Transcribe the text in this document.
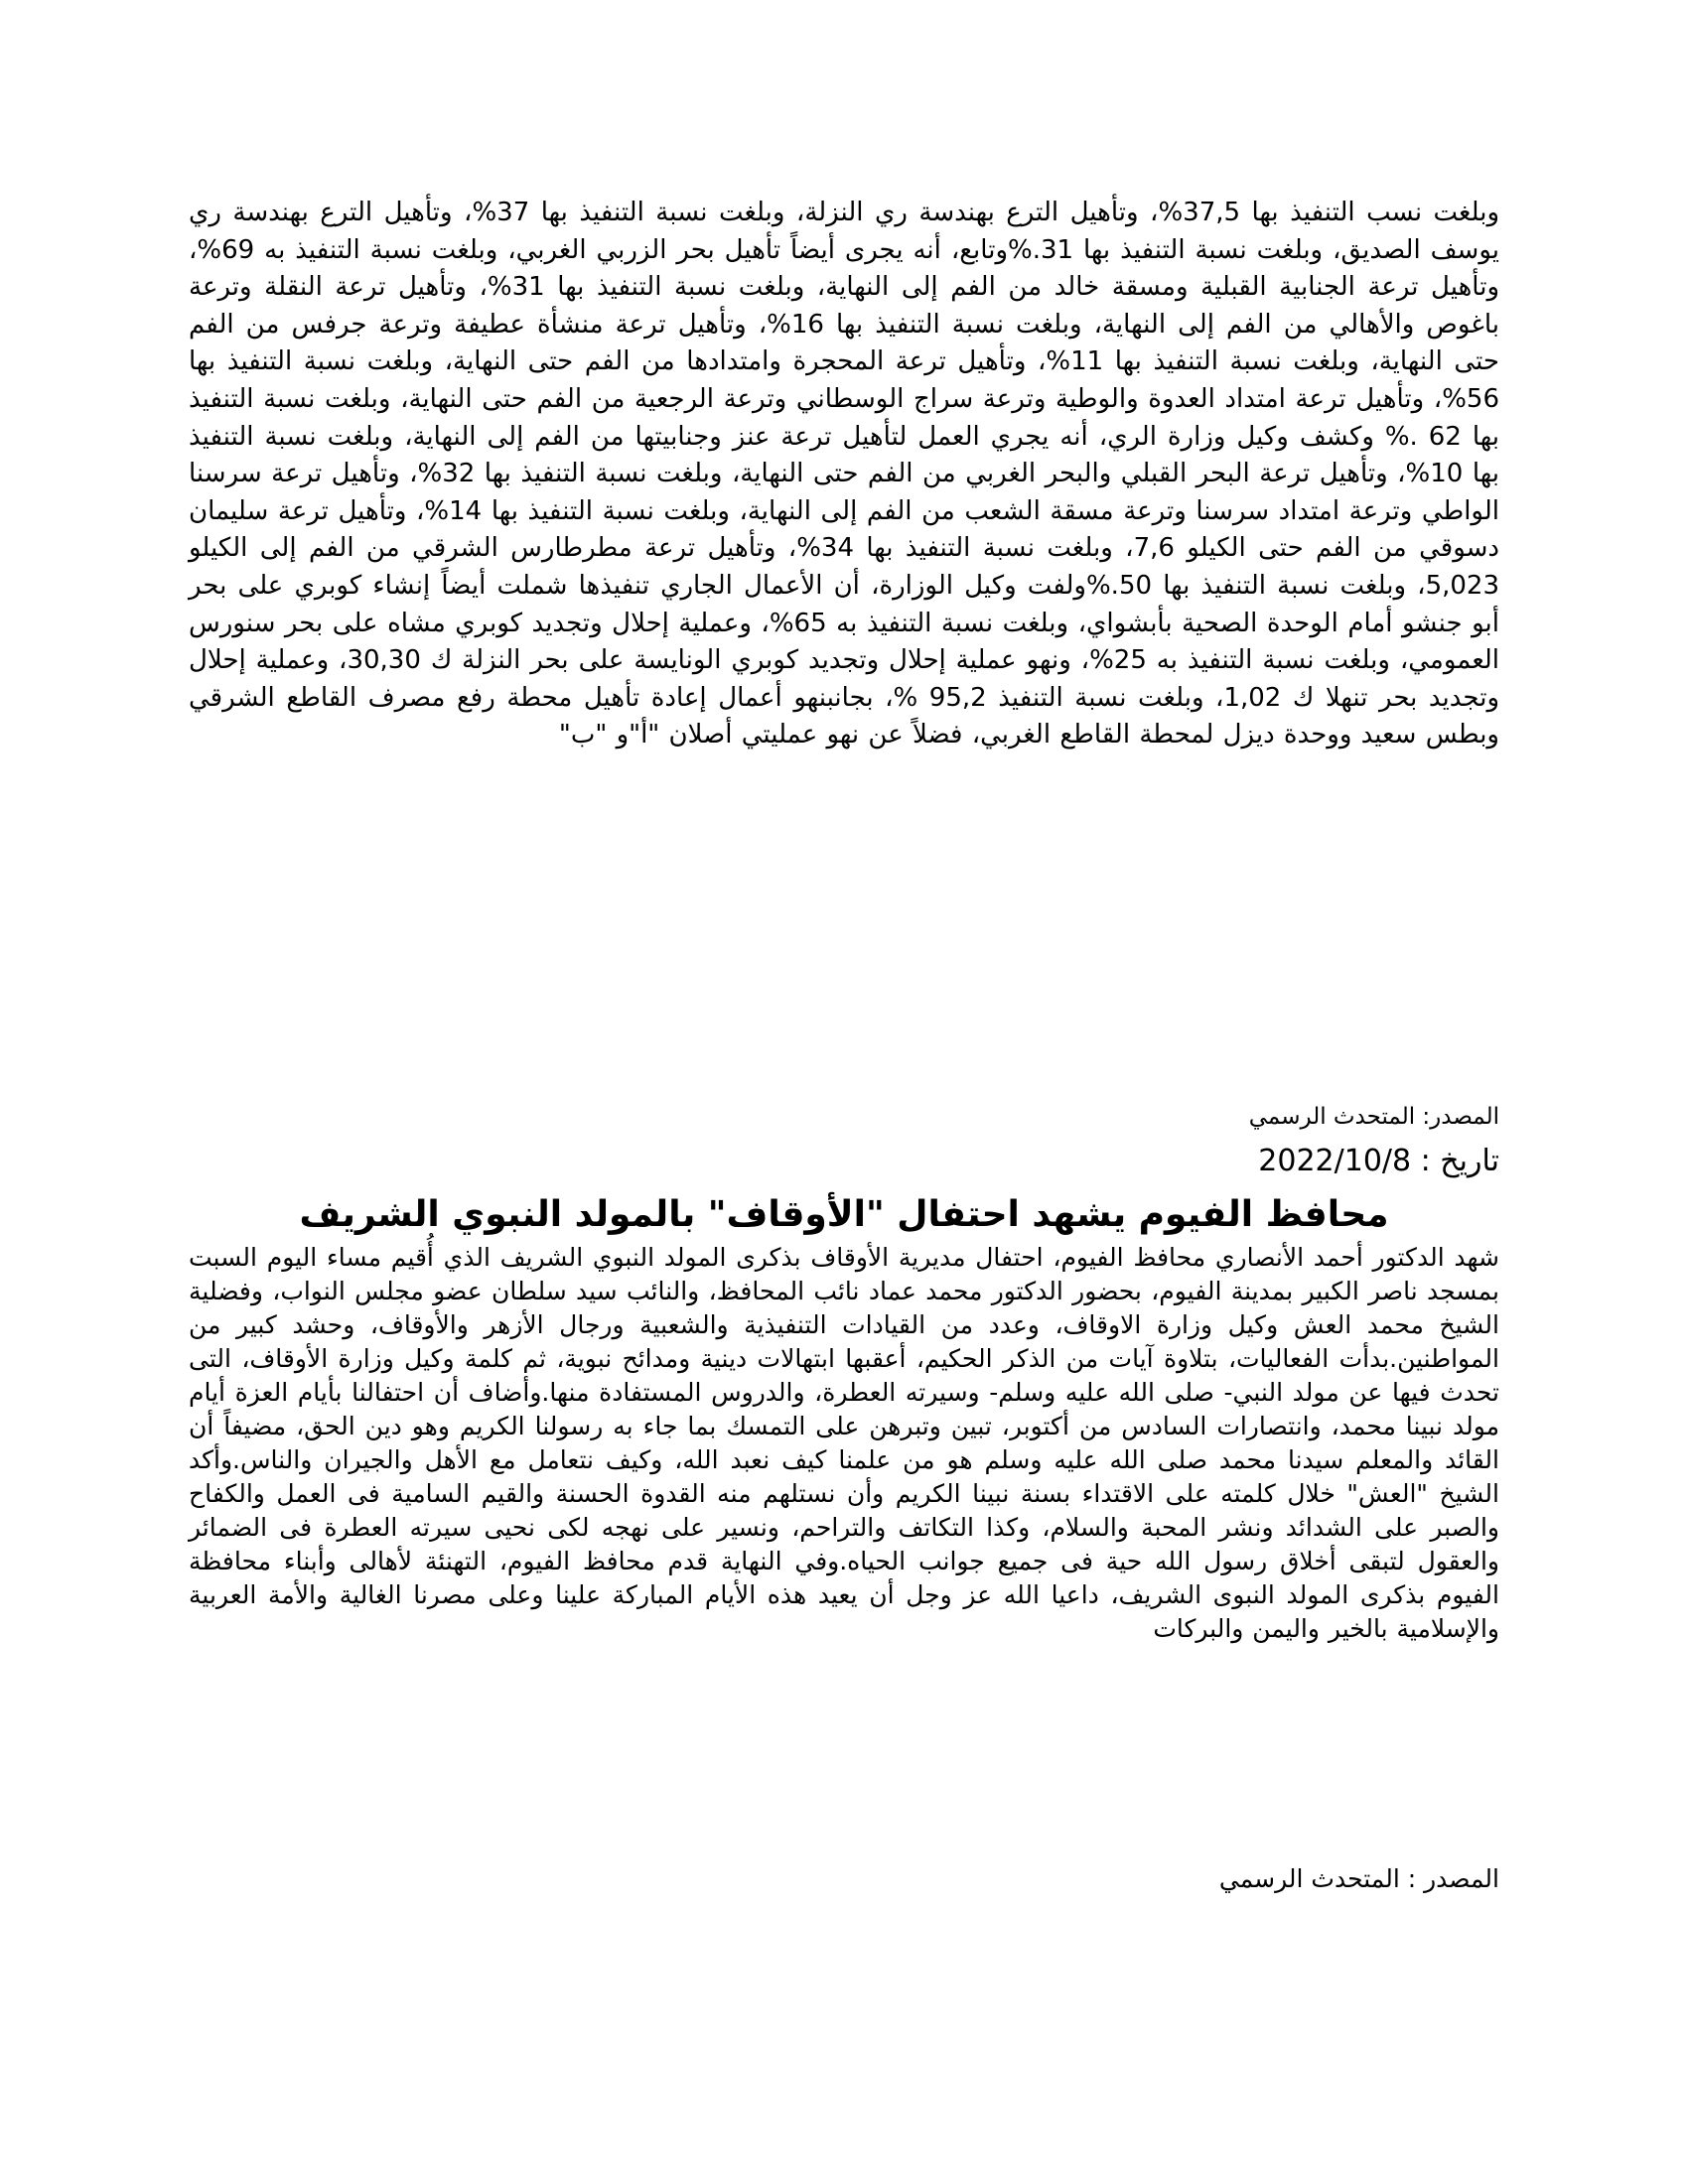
وبلغت نسب التنفيذ بها 37,5%، وتأهيل الترع بهندسة ري النزلة، وبلغت نسبة التنفيذ بها 37%، وتأهيل الترع بهندسة ري يوسف الصديق، وبلغت نسبة التنفيذ بها 31.%وتابع، أنه يجرى أيضاً تأهيل بحر الزربي الغربي، وبلغت نسبة التنفيذ به 69%، وتأهيل ترعة الجنابية القبلية ومسقة خالد من الفم إلى النهاية، وبلغت نسبة التنفيذ بها 31%، وتأهيل ترعة النقلة وترعة باغوص والأهالي من الفم إلى النهاية، وبلغت نسبة التنفيذ بها 16%، وتأهيل ترعة منشأة عطيفة وترعة جرفس من الفم حتى النهاية، وبلغت نسبة التنفيذ بها 11%، وتأهيل ترعة المحجرة وامتدادها من الفم حتى النهاية، وبلغت نسبة التنفيذ بها 56%، وتأهيل ترعة امتداد العدوة والوطية وترعة سراج الوسطاني وترعة الرجعية من الفم حتى النهاية، وبلغت نسبة التنفيذ بها 62 .% وكشف وكيل وزارة الري، أنه يجري العمل لتأهيل ترعة عنز وجنابيتها من الفم إلى النهاية، وبلغت نسبة التنفيذ بها 10%، وتأهيل ترعة البحر القبلي والبحر الغربي من الفم حتى النهاية، وبلغت نسبة التنفيذ بها 32%، وتأهيل ترعة سرسنا الواطي وترعة امتداد سرسنا وترعة مسقة الشعب من الفم إلى النهاية، وبلغت نسبة التنفيذ بها 14%، وتأهيل ترعة سليمان دسوقي من الفم حتى الكيلو 7,6، وبلغت نسبة التنفيذ بها 34%، وتأهيل ترعة مطرطارس الشرقي من الفم إلى الكيلو 5,023، وبلغت نسبة التنفيذ بها 50.%ولفت وكيل الوزارة، أن الأعمال الجاري تنفيذها شملت أيضاً إنشاء كوبري على بحر أبو جنشو أمام الوحدة الصحية بأبشواي، وبلغت نسبة التنفيذ به 65%، وعملية إحلال وتجديد كوبري مشاه على بحر سنورس العمومي، وبلغت نسبة التنفيذ به 25%، ونهو عملية إحلال وتجديد كوبري الونايسة على بحر النزلة ك 30,30، وعملية إحلال وتجديد بحر تنهلا ك 1,02، وبلغت نسبة التنفيذ 95,2 %، بجانبنهو أعمال إعادة تأهيل محطة رفع مصرف القاطع الشرقي وبطس سعيد ووحدة ديزل لمحطة القاطع الغربي، فضلاً عن نهو عمليتي أصلان "أ"و "ب"

المصدر: المتحدث الرسمي

تاريخ : 2022/10/8

محافظ الفيوم يشهد احتفال "الأوقاف" بالمولد النبوي الشريف

شهد الدكتور أحمد الأنصاري محافظ الفيوم، احتفال مديرية الأوقاف بذكرى المولد النبوي الشريف الذي أُقيم مساء اليوم السبت بمسجد ناصر الكبير بمدينة الفيوم، بحضور الدكتور محمد عماد نائب المحافظ، والنائب سيد سلطان عضو مجلس النواب، وفضلية الشيخ محمد العش وكيل وزارة الاوقاف، وعدد من القيادات التنفيذية والشعبية ورجال الأزهر والأوقاف، وحشد كبير من المواطنين.بدأت الفعاليات، بتلاوة آيات من الذكر الحكيم، أعقبها ابتهالات دينية ومدائح نبوية، ثم كلمة وكيل وزارة الأوقاف، التى تحدث فيها عن مولد النبي- صلى الله عليه وسلم- وسيرته العطرة، والدروس المستفادة منها.وأضاف أن احتفالنا بأيام العزة أيام مولد نبينا محمد، وانتصارات السادس من أكتوبر، تبين وتبرهن على التمسك بما جاء به رسولنا الكريم وهو دين الحق، مضيفاً أن القائد والمعلم سيدنا محمد صلى الله عليه وسلم هو من علمنا كيف نعبد الله، وكيف نتعامل مع الأهل والجيران والناس.وأكد الشيخ "العش" خلال كلمته على الاقتداء بسنة نبينا الكريم وأن نستلهم منه القدوة الحسنة والقيم السامية فى العمل والكفاح والصبر على الشدائد ونشر المحبة والسلام، وكذا التكاتف والتراحم، ونسير على نهجه لكى نحيى سيرته العطرة فى الضمائر والعقول لتبقى أخلاق رسول الله حية فى جميع جوانب الحياه.وفي النهاية قدم محافظ الفيوم، التهنئة لأهالى وأبناء محافظة الفيوم بذكرى المولد النبوى الشريف، داعيا الله عز وجل أن يعيد هذه الأيام المباركة علينا وعلى مصرنا الغالية والأمة العربية والإسلامية بالخير واليمن والبركات

المصدر : المتحدث الرسمي
